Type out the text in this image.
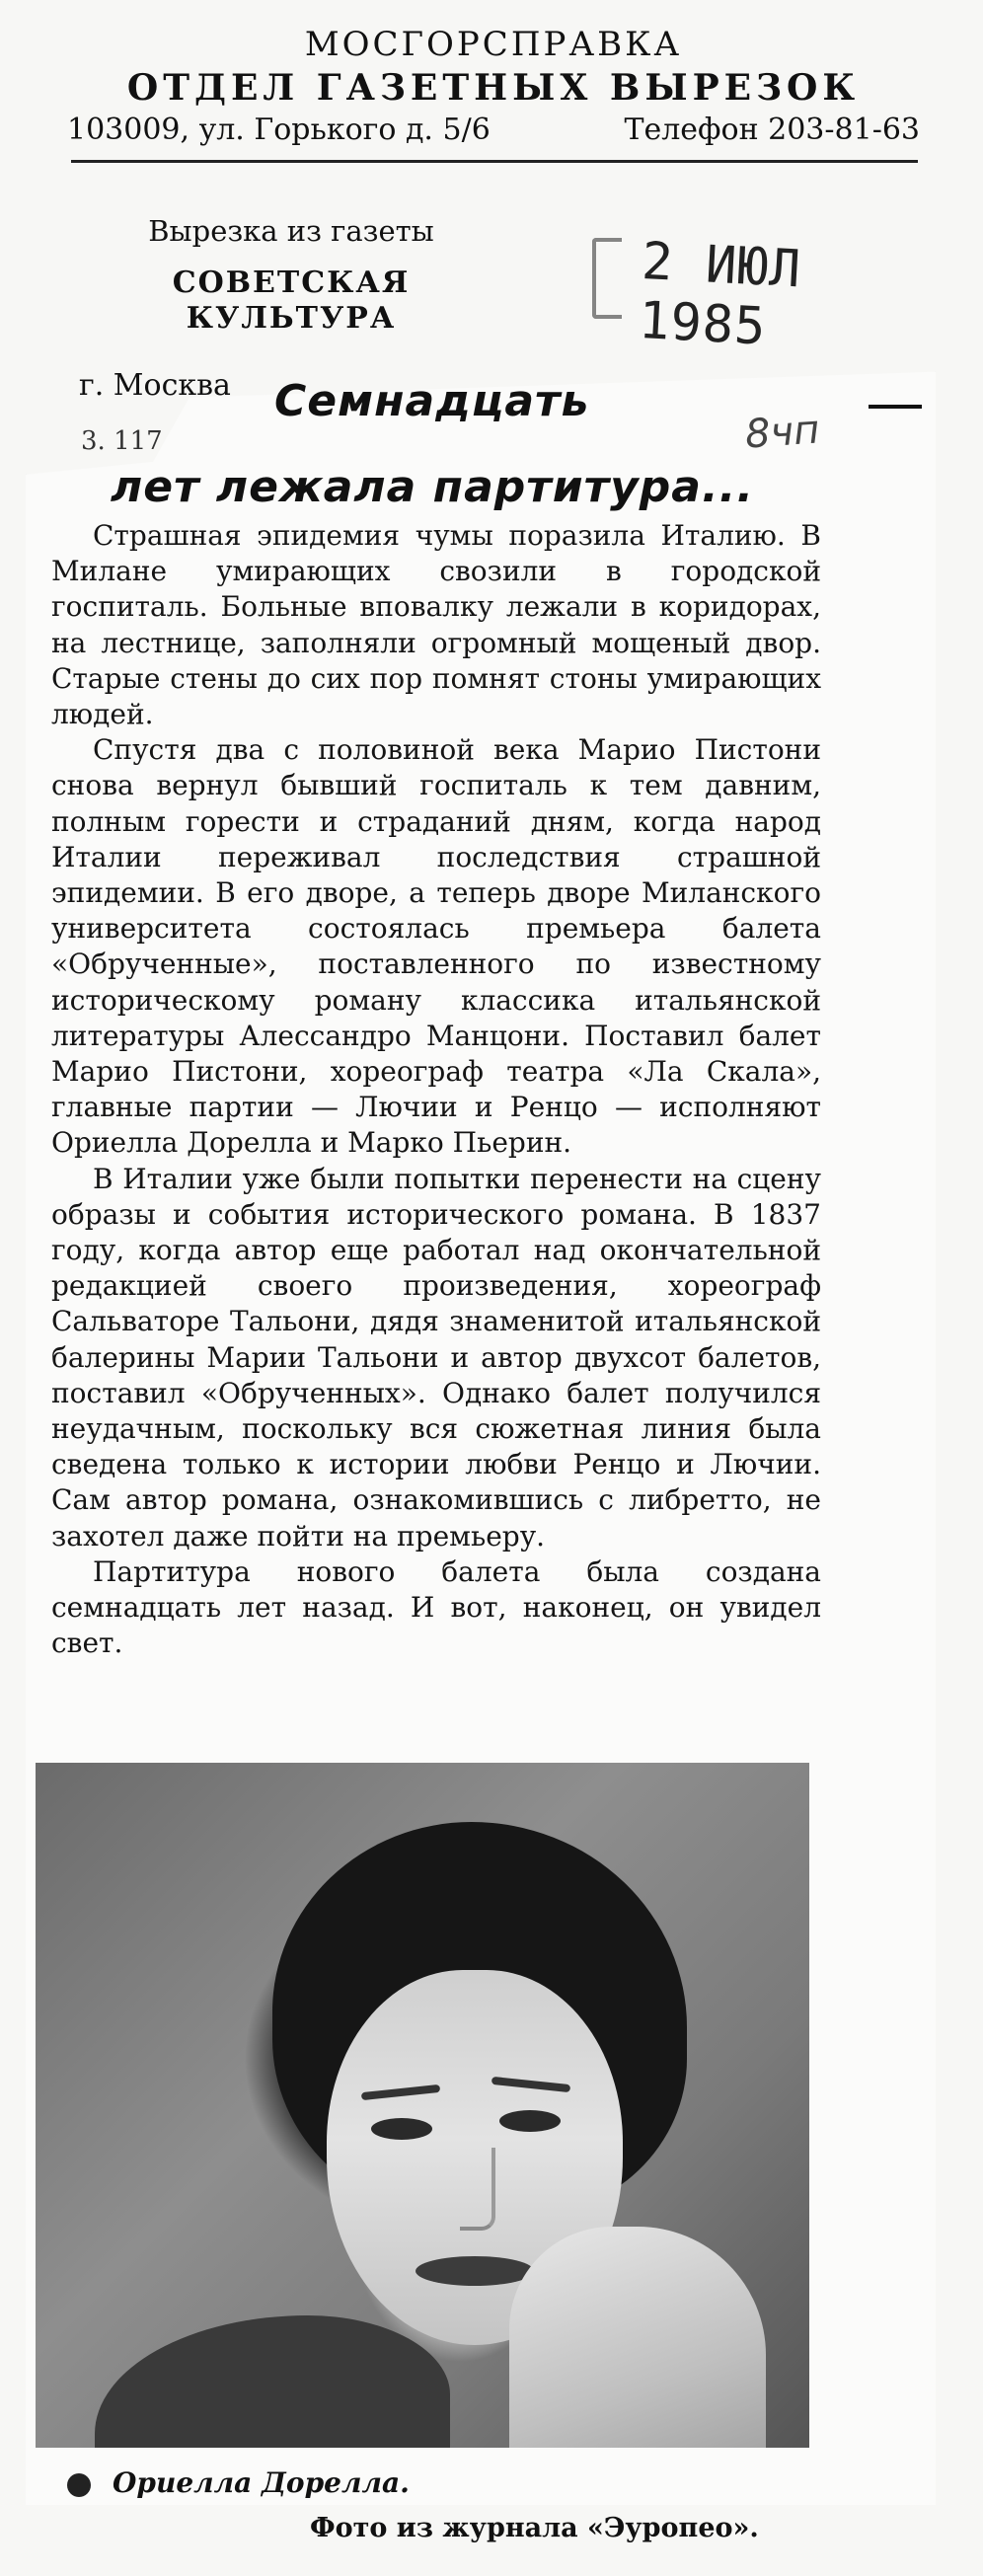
МОСГОРСПРАВКА
ОТДЕЛ ГАЗЕТНЫХ ВЫРЕЗОК
103009, ул. Горького д. 5/6	Телефон 203-81-63
Вырезка из газеты
СОВЕТСКАЯ
КУЛЬТУРА
2 ИЮЛ 1985
г. Москва
3. 117	8чп
Семнадцать
лет лежала партитура...

Страшная эпидемия чумы поразила Италию. В Милане умирающих свозили в городской госпиталь. Больные вповалку лежали в коридорах, на лестнице, заполняли огромный мощеный двор. Старые стены до сих пор помнят стоны умирающих людей.

Спустя два с половиной века Марио Пистони снова вернул бывший госпиталь к тем давним, полным горести и страданий дням, когда народ Италии переживал последствия страшной эпидемии. В его дворе, а теперь дворе Миланского университета состоялась премьера балета «Обрученные», поставленного по известному историческому роману классика итальянской литературы Алессандро Манцони. Поставил балет Марио Пистони, хореограф театра «Ла Скала», главные партии — Лючии и Ренцо — исполняют Ориелла Дорелла и Марко Пьерин.

В Италии уже были попытки перенести на сцену образы и события исторического романа. В 1837 году, когда автор еще работал над окончательной редакцией своего произведения, хореограф Сальваторе Тальони, дядя знаменитой итальянской балерины Марии Тальони и автор двухсот балетов, поставил «Обрученных». Однако балет получился неудачным, поскольку вся сюжетная линия была сведена только к истории любви Ренцо и Лючии. Сам автор романа, ознакомившись с либретто, не захотел даже пойти на премьеру.

Партитура нового балета была создана семнадцать лет назад. И вот, наконец, он увидел свет.

Ориелла Дорелла.
Фото из журнала «Эуропео».
